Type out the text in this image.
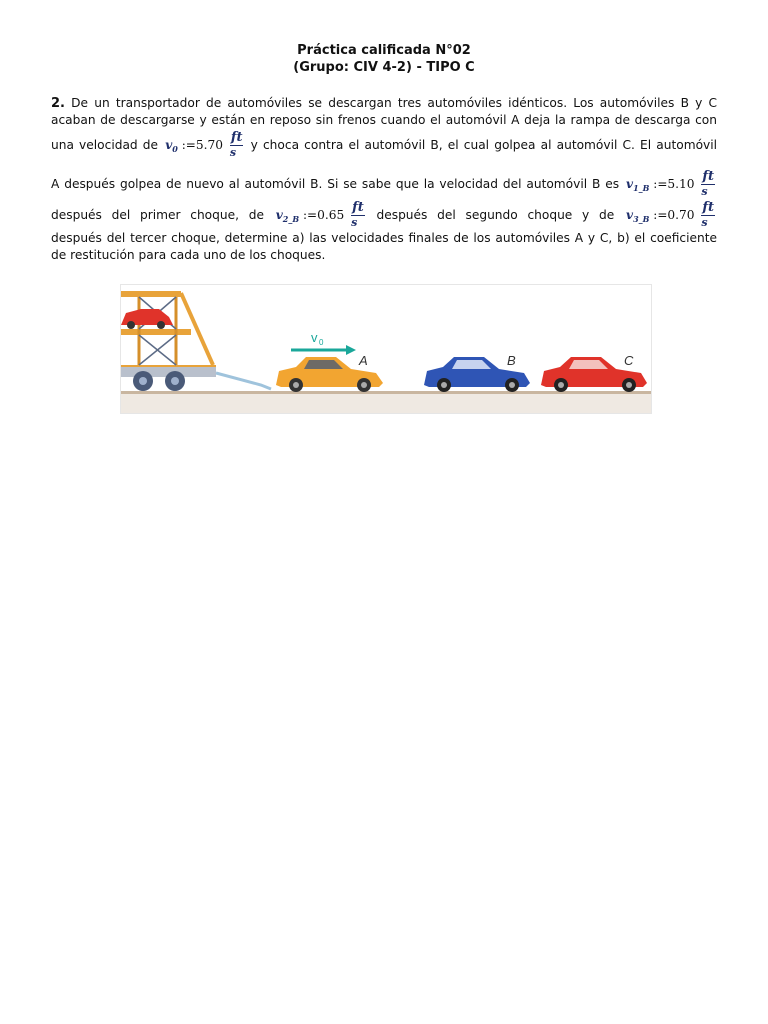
Práctica calificada N°02
(Grupo: CIV 4-2) - TIPO C
2. De un transportador de automóviles se descargan tres automóviles idénticos. Los automóviles B y C
acaban de descargarse y están en reposo sin frenos cuando el automóvil A deja la rampa de descarga con
una velocidad de $v_0$ :=5.70 $\frac{ft}{s}$ y choca contra el automóvil B, el cual golpea al automóvil C. El automóvil
A después golpea de nuevo al automóvil B. Si se sabe que la velocidad del automóvil B es $v_{1\_B}$ :=5.10 $\frac{ft}{s}$
después del primer choque, de $v_{2\_B}$ :=0.65 $\frac{ft}{s}$ después del segundo choque y de $v_{3\_B}$ :=0.70 $\frac{ft}{s}$
después del tercer choque, determine a) las velocidades finales de los automóviles A y C, b) el coeficiente
de restitución para cada uno de los choques.
v 0
A	B	C
